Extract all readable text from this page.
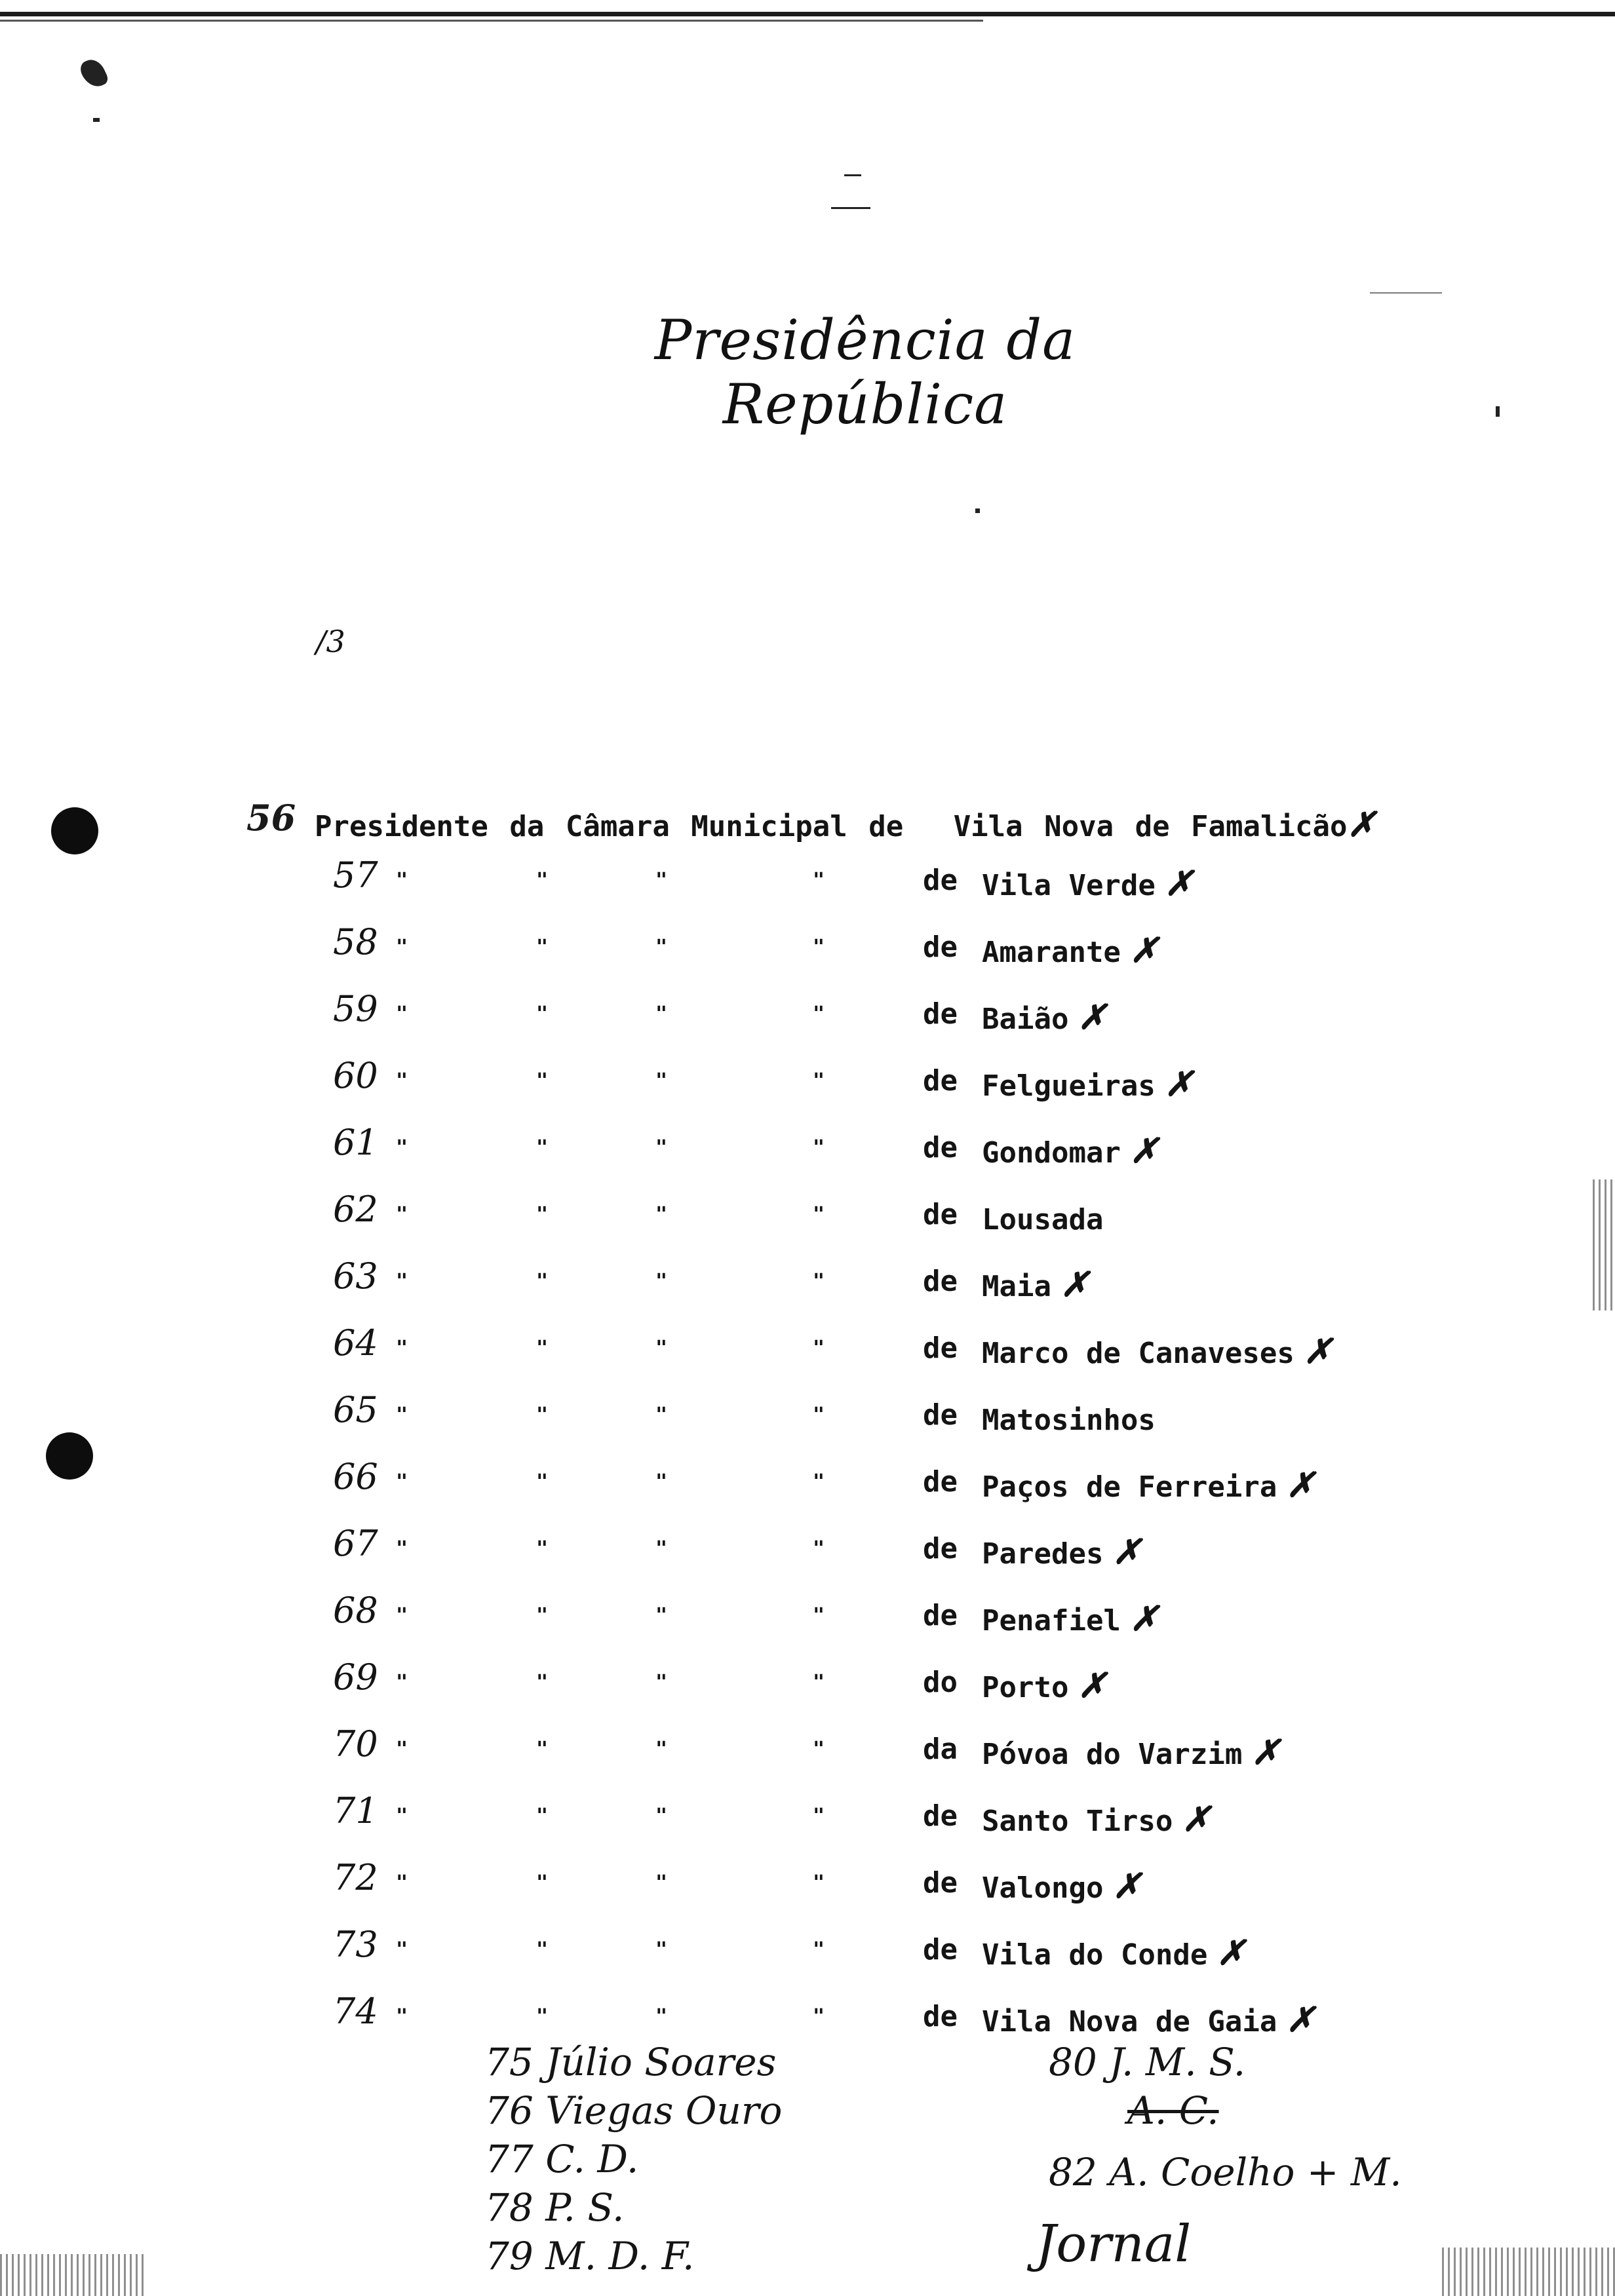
Presidência da República
/3
56 Presidente da Câmara Municipal de Vila Nova de Famalicão✗
57 "	"	"	"	de Vila Verde ✗
58 "	"	"	"	de Amarante ✗
59 "	"	"	"	de Baião ✗
60 "	"	"	"	de Felgueiras ✗
61 "	"	"	"	de Gondomar ✗
62 "	"	"	"	de Lousada
63 "	"	"	"	de Maia ✗
64 "	"	"	"	de Marco de Canaveses ✗
65 "	"	"	"	de Matosinhos
66 "	"	"	"	de Paços de Ferreira ✗
67 "	"	"	"	de Paredes ✗
68 "	"	"	"	de Penafiel ✗
69 "	"	"	"	do Porto ✗
70 "	"	"	"	da Póvoa do Varzim ✗
71 "	"	"	"	de Santo Tirso ✗
72 "	"	"	"	de Valongo ✗
73 "	"	"	"	de Vila do Conde ✗
74 "	"	"	"	de Vila Nova de Gaia ✗
75 Júlio Soares
76 Viegas Ouro
77 C. D.
78 P. S.
79 M. D. F.
80 J. M. S.
A. C.
82 A. Coelho + M.
Jornal
